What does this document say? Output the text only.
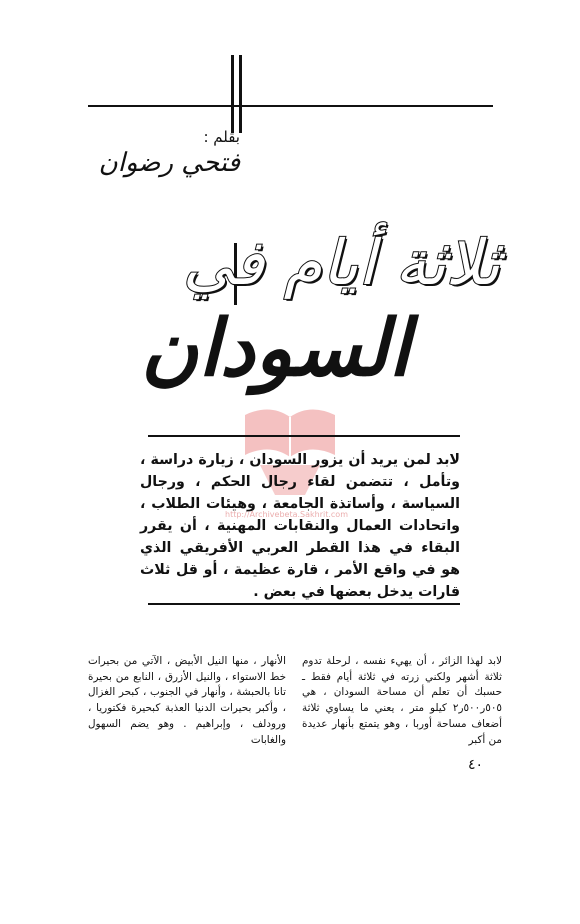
بقلم :
فتحي رضوان
ثلاثة أيام في
السودان
http://Archivebeta.Sakhrit.com
لابد لمن يريد أن يزور السودان ، زيارة دراسة ، وتأمل ، تتضمن لقاء رجال الحكم ، ورجال السياسة ، وأساتذة الجامعة ، وهيئات الطلاب ، واتحادات العمال والنقابات المهنية ، أن يقرر البقاء في هذا القطر العربي الأفريقي الذي هو في واقع الأمر ، قارة عظيمة ، أو قل ثلاث قارات يدخل بعضها في بعض .
لابد لهذا الزائر ، أن يهيء نفسه ، لرحلة تدوم ثلاثة أشهر ولكني زرته في ثلاثة أيام فقط ـ حسبك أن تعلم أن مساحة السودان ، هي ٥٠٥ر٥٠٠ر٢ كيلو متر ، يعني ما يساوي ثلاثة أضعاف مساحة أوربا ، وهو يتمتع بأنهار عديدة من أكبر
الأنهار ، منها النيل الأبيض ، الآتي من بحيرات خط الاستواء ، والنيل الأزرق ، النابع من بحيرة تانا بالحبشة ، وأنهار في الجنوب ، كبحر الغزال ، وأكبر بحيرات الدنيا العذبة كبحيرة فكتوريا ، ورودلف ، وإبراهيم . وهو يضم السهول والغابات
٤٠
